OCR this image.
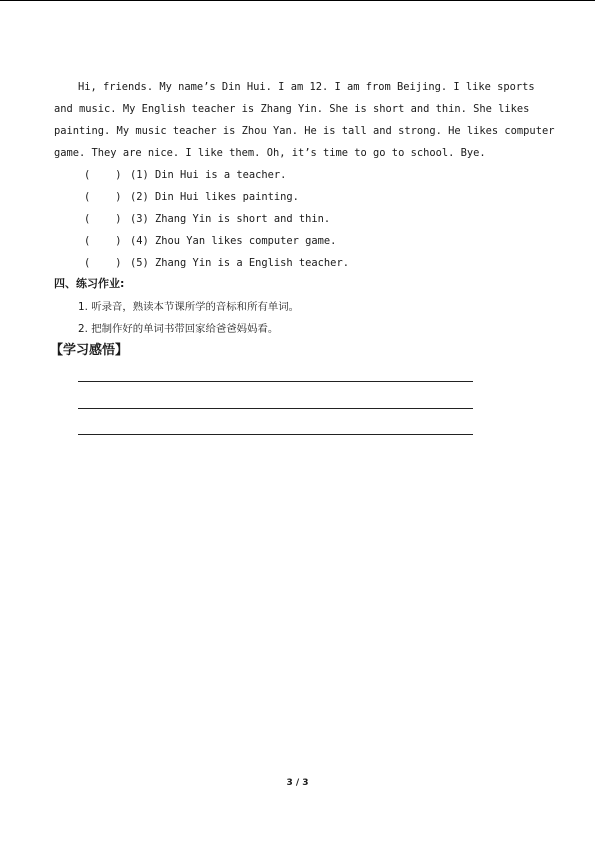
Hi, friends. My name’s Din Hui. I am 12. I am from Beijing. I like sports
and music. My English teacher is Zhang Yin. She is short and thin. She likes
painting. My music teacher is Zhou Yan. He is tall and strong. He likes computer
game. They are nice. I like them. Oh, it’s time to go to school. Bye.

(    ) (1) Din Hui is a teacher.
(    ) (2) Din Hui likes painting.
(    ) (3) Zhang Yin is short and thin.
(    ) (4) Zhou Yan likes computer game.
(    ) (5) Zhang Yin is a English teacher.
四、练习作业:
1. 听录音，熟读本节课所学的音标和所有单词。
2. 把制作好的单词书带回家给爸爸妈妈看。
【学习感悟】
3 / 3
